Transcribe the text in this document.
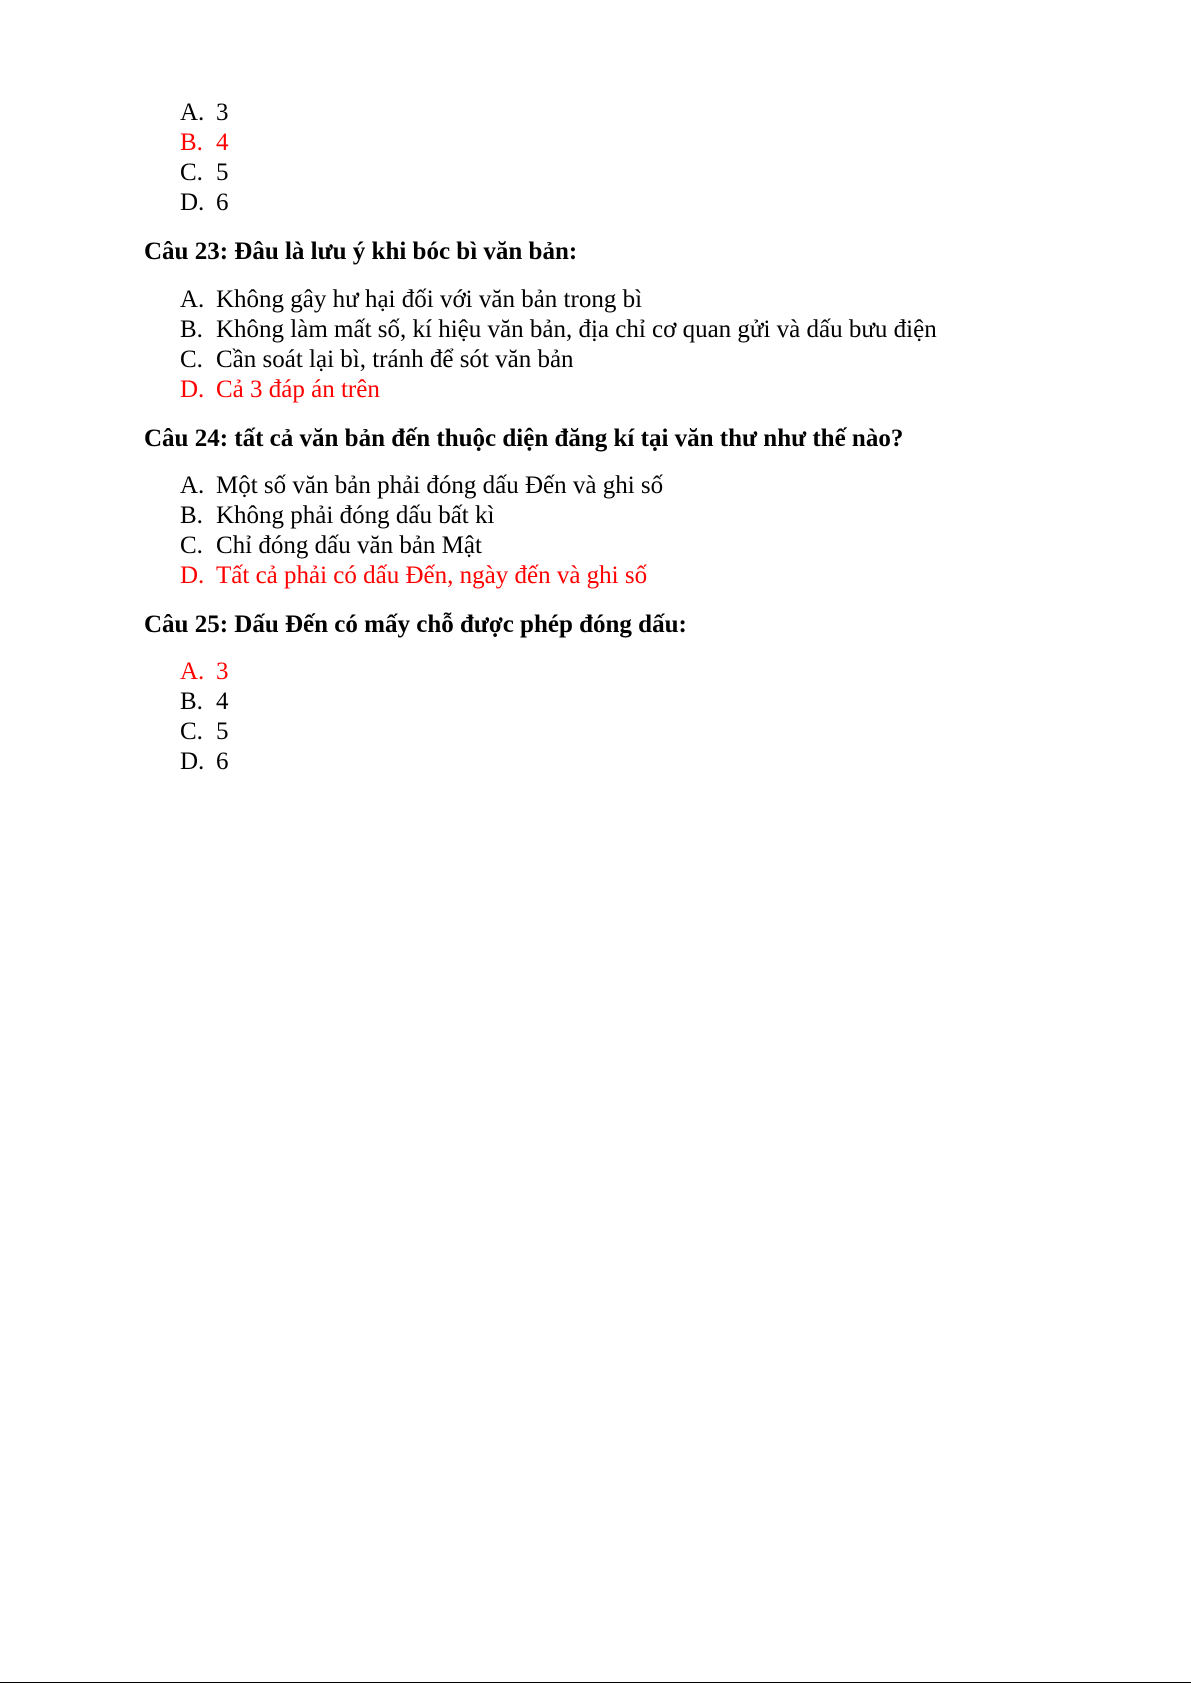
A. 3
B. 4
C. 5
D. 6
Câu 23: Đâu là lưu ý khi bóc bì văn bản:
A. Không gây hư hại đối với văn bản trong bì
B. Không làm mất số, kí hiệu văn bản, địa chỉ cơ quan gửi và dấu bưu điện
C. Cần soát lại bì, tránh để sót văn bản
D. Cả 3 đáp án trên
Câu 24: tất cả văn bản đến thuộc diện đăng kí tại văn thư như thế nào?
A. Một số văn bản phải đóng dấu Đến và ghi số
B. Không phải đóng dấu bất kì
C. Chỉ đóng dấu văn bản Mật
D. Tất cả phải có dấu Đến, ngày đến và ghi số
Câu 25: Dấu Đến có mấy chỗ được phép đóng dấu:
A. 3
B. 4
C. 5
D. 6
